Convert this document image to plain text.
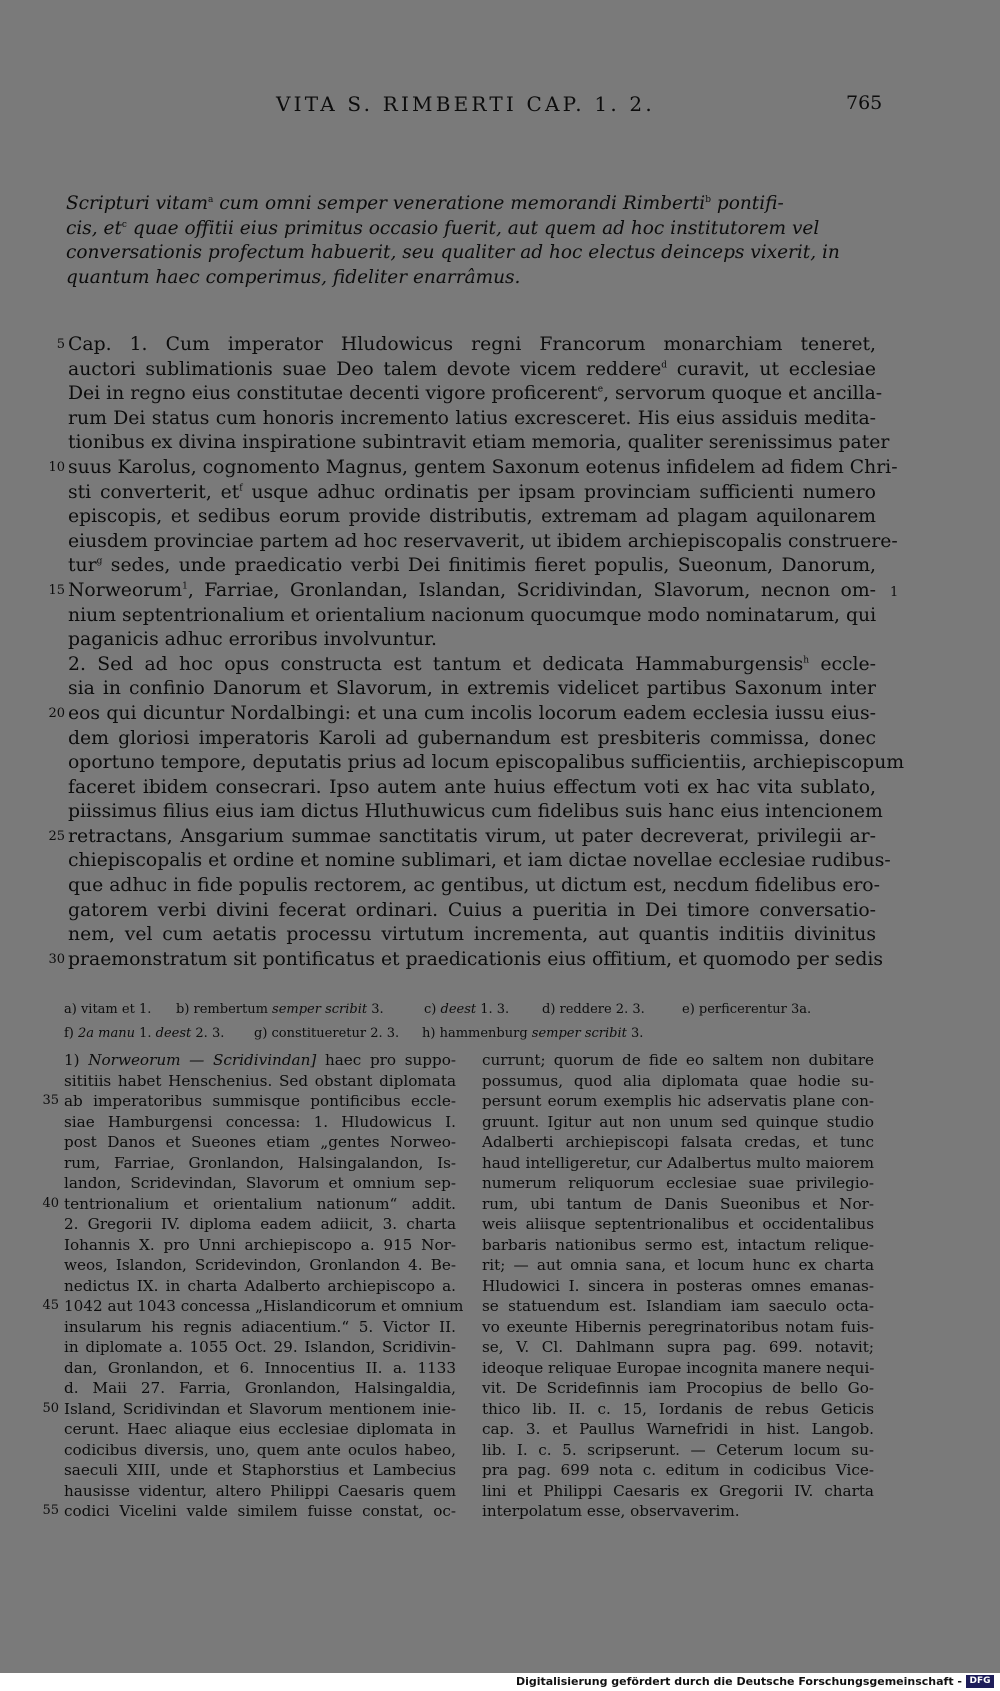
VITA S. RIMBERTI CAP. 1. 2.	765
Scripturi vitam$^a$ cum omni semper veneratione memorandi Rimberti$^b$ pontifi-
cis, $et^c$ quae offitii eius primitus occasio fuerit, aut quem ad hoc institutorem vel
conversationis profectum habuerit, seu qualiter ad hoc electus deinceps vixerit, in
quantum haec comperimus, fideliter enarrâmus.
5 Cap. 1. Cum imperator Hludowicus regni Francorum monarchiam teneret,
auctori sublimationis suae Deo talem devote vicem reddere$^d$ curavit, ut ecclesiae
Dei in regno eius constitutae decenti vigore proficerent$^e$, servorum quoque et ancilla-
rum Dei status cum honoris incremento latius excresceret. His eius assiduis medita-
tionibus ex divina inspiratione subintravit etiam memoria, qualiter serenissimus pater
10 suus Karolus, cognomento Magnus, gentem Saxonum eotenus infidelem ad fidem Chri-
sti converterit, $et^f$ usque adhuc ordinatis per ipsam provinciam sufficienti numero
episcopis, et sedibus eorum provide distributis, extremam ad plagam aquilonarem
eiusdem provinciae partem ad hoc reservaverit, ut ibidem archiepiscopalis construere-
tur$^g$ sedes, unde praedicatio verbi Dei finitimis fieret populis, Sueonum, Danorum,
15 Norweorum$^1$, Farriae, Gronlandan, Islandan, Scridivindan, Slavorum, necnon om- 1
nium septentrionalium et orientalium nacionum quocumque modo nominatarum, qui
paganicis adhuc erroribus involvuntur.
2. Sed ad hoc opus constructa est tantum et dedicata Hammaburgensis$^h$ eccle-
sia in confinio Danorum et Slavorum, in extremis videlicet partibus Saxonum inter
20 eos qui dicuntur Nordalbingi: et una cum incolis locorum eadem ecclesia iussu eius-
dem gloriosi imperatoris Karoli ad gubernandum est presbiteris commissa, donec
oportuno tempore, deputatis prius ad locum episcopalibus sufficientiis, archiepiscopum
faceret ibidem consecrari. Ipso autem ante huius effectum voti ex hac vita sublato,
piissimus filius eius iam dictus Hluthuwicus cum fidelibus suis hanc eius intencionem
25 retractans, Ansgarium summae sanctitatis virum, ut pater decreverat, privilegii ar-
chiepiscopalis et ordine et nomine sublimari, et iam dictae novellae ecclesiae rudibus-
que adhuc in fide populis rectorem, ac gentibus, ut dictum est, necdum fidelibus ero-
gatorem verbi divini fecerat ordinari. Cuius a pueritia in Dei timore conversatio-
nem, vel cum aetatis processu virtutum incrementa, aut quantis inditiis divinitus
30 praemonstratum sit pontificatus et praedicationis eius offitium, et quomodo per sedis
a) vitam et 1. b) rembertum semper scribit 3.	c) deest 1. 3.	d) reddere 2. 3.	e) perficerentur 3a.
f) 2a manu 1. deest 2. 3. g) constitueretur 2. 3. h) hammenburg semper scribit 3.
1) Norweorum — Scridivindan] haec pro suppo-
sititiis habet Henschenius. Sed obstant diplomata
35 ab imperatoribus summisque pontificibus eccle-
siae Hamburgensi concessa: 1. Hludowicus I.
post Danos et Sueones etiam „gentes Norweo-
rum, Farriae, Gronlandon, Halsingalandon, Is-
landon, Scridevindan, Slavorum et omnium sep-
40 tentrionalium et orientalium nationum“ addit.
2. Gregorii IV. diploma eadem adiicit, 3. charta
Iohannis X. pro Unni archiepiscopo a. 915 Nor-
weos, Islandon, Scridevindon, Gronlandon 4. Be-
nedictus IX. in charta Adalberto archiepiscopo a.
45 1042 aut 1043 concessa „Hislandicorum et omnium
insularum his regnis adiacentium.“ 5. Victor II.
in diplomate a. 1055 Oct. 29. Islandon, Scridivin-
dan, Gronlandon, et 6. Innocentius II. a. 1133
d. Maii 27. Farria, Gronlandon, Halsingaldia,
50 Island, Scridivindan et Slavorum mentionem inie-
cerunt. Haec aliaque eius ecclesiae diplomata in
codicibus diversis, uno, quem ante oculos habeo,
saeculi XIII, unde et Staphorstius et Lambecius
hausisse videntur, altero Philippi Caesaris quem
55 codici Vicelini valde similem fuisse constat, oc-
currunt; quorum de fide eo saltem non dubitare
possumus, quod alia diplomata quae hodie su-
persunt eorum exemplis hic adservatis plane con-
gruunt. Igitur aut non unum sed quinque studio
Adalberti archiepiscopi falsata credas, et tunc
haud intelligeretur, cur Adalbertus multo maiorem
numerum reliquorum ecclesiae suae privilegio-
rum, ubi tantum de Danis Sueonibus et Nor-
weis aliisque septentrionalibus et occidentalibus
barbaris nationibus sermo est, intactum relique-
rit; — aut omnia sana, et locum hunc ex charta
Hludowici I. sincera in posteras omnes emanas-
se statuendum est. Islandiam iam saeculo octa-
vo exeunte Hibernis peregrinatoribus notam fuis-
se, V. Cl. Dahlmann supra pag. 699. notavit;
ideoque reliquae Europae incognita manere nequi-
vit. De Scridefinnis iam Procopius de bello Go-
thico lib. II. c. 15, Iordanis de rebus Geticis
cap. 3. et Paullus Warnefridi in hist. Langob.
lib. I. c. 5. scripserunt. — Ceterum locum su-
pra pag. 699 nota c. editum in codicibus Vice-
lini et Philippi Caesaris ex Gregorii IV. charta
interpolatum esse, observaverim.
Digitalisierung gefördert durch die Deutsche Forschungsgemeinschaft - DFG
